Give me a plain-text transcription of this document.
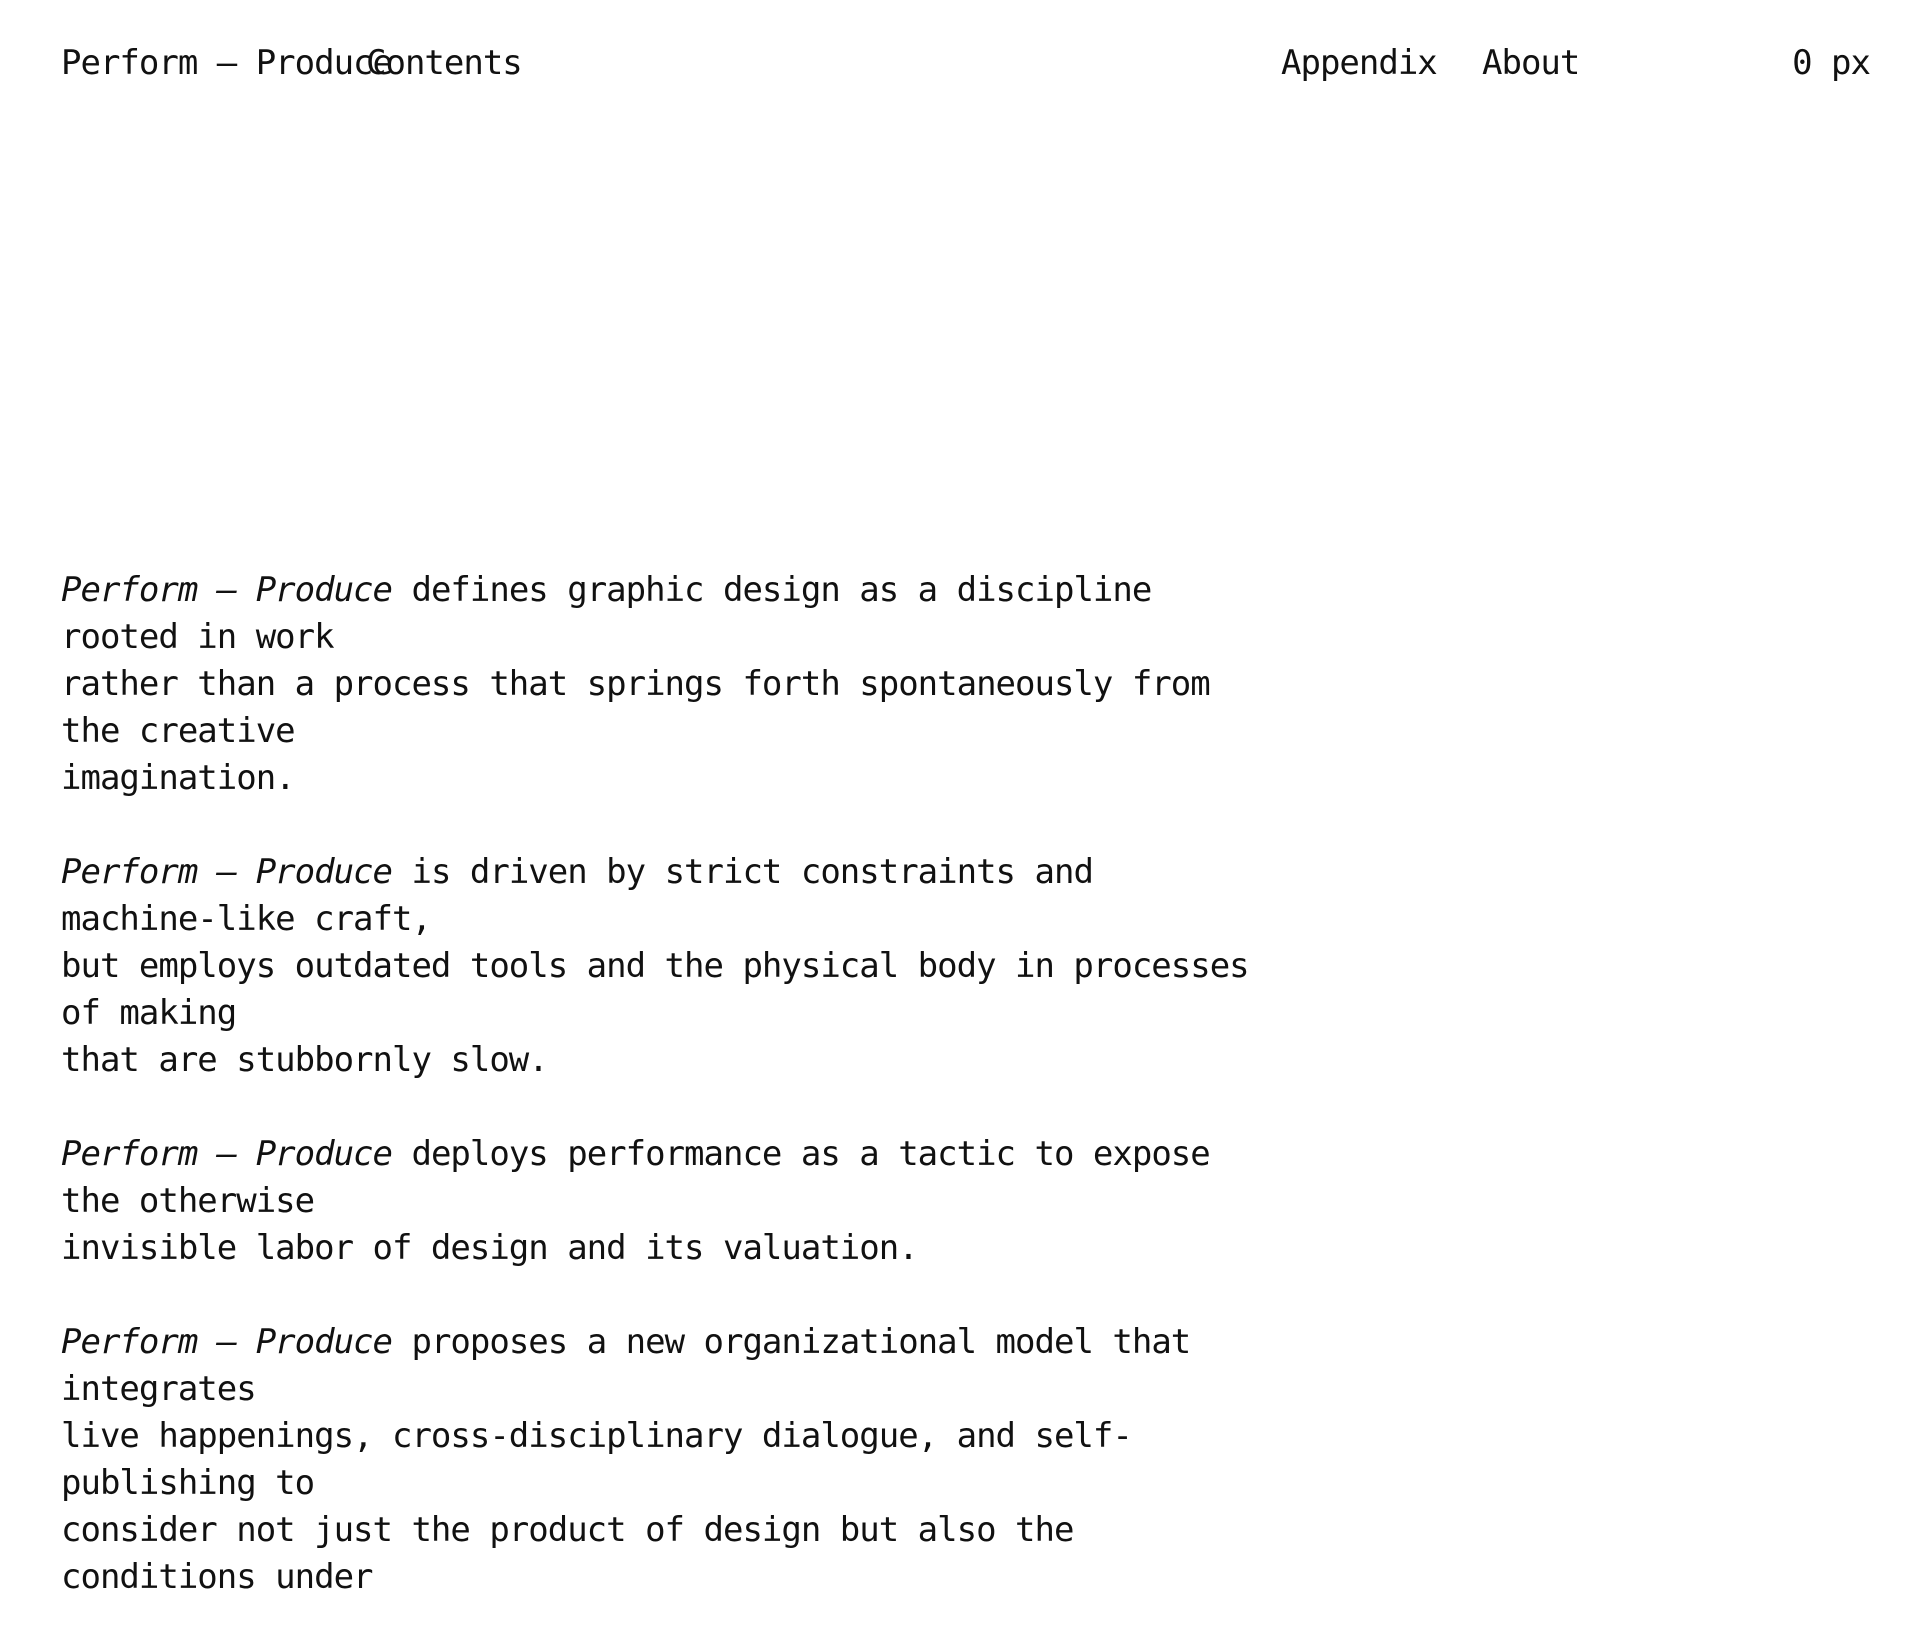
Perform – Produce
Contents	Appendix About	0 px

Perform – Produce defines graphic design as a discipline rooted in work
rather than a process that springs forth spontaneously from the creative
imagination.

Perform – Produce is driven by strict constraints and machine-like craft,
but employs outdated tools and the physical body in processes of making
that are stubbornly slow.

Perform – Produce deploys performance as a tactic to expose the otherwise
invisible labor of design and its valuation.

Perform – Produce proposes a new organizational model that integrates
live happenings, cross-disciplinary dialogue, and self-publishing to
consider not just the product of design but also the conditions under
